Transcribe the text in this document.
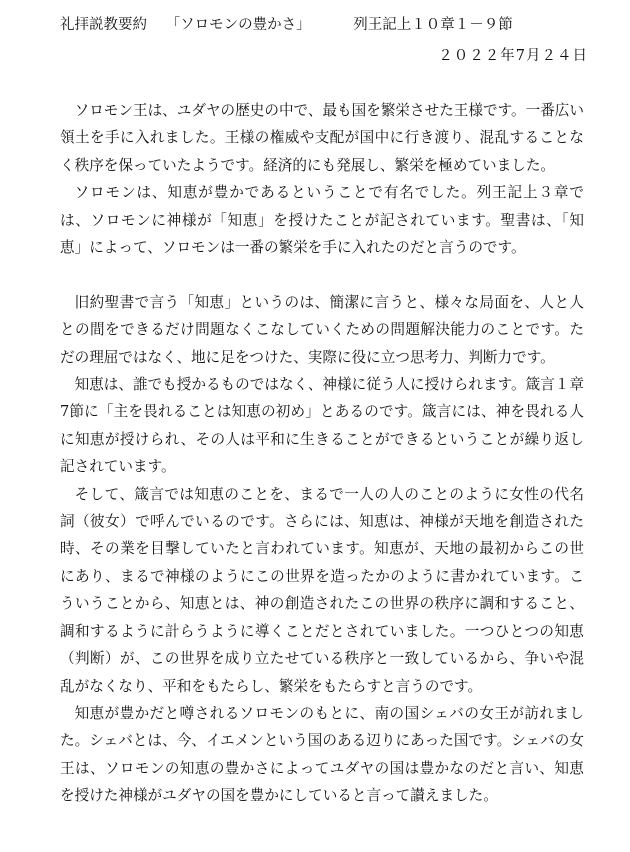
礼拝説教要約 「ソロモンの豊かさ」	列王記上１０章１－９節
２０２２年7月２４日

ソロモン王は、ユダヤの歴史の中で、最も国を繁栄させた王様です。一番広い領土を手に入れました。王様の権威や支配が国中に行き渡り、混乱することなく秩序を保っていたようです。経済的にも発展し、繁栄を極めていました。

ソロモンは、知恵が豊かであるということで有名でした。列王記上３章では、ソロモンに神様が「知恵」を授けたことが記されています。聖書は、「知恵」によって、ソロモンは一番の繁栄を手に入れたのだと言うのです。

旧約聖書で言う「知恵」というのは、簡潔に言うと、様々な局面を、人と人との間をできるだけ問題なくこなしていくための問題解決能力のことです。ただの理屈ではなく、地に足をつけた、実際に役に立つ思考力、判断力です。

知恵は、誰でも授かるものではなく、神様に従う人に授けられます。箴言１章7節に「主を畏れることは知恵の初め」とあるのです。箴言には、神を畏れる人に知恵が授けられ、その人は平和に生きることができるということが繰り返し記されています。

そして、箴言では知恵のことを、まるで一人の人のことのように女性の代名詞（彼女）で呼んでいるのです。さらには、知恵は、神様が天地を創造された時、その業を目撃していたと言われています。知恵が、天地の最初からこの世にあり、まるで神様のようにこの世界を造ったかのように書かれています。こういうことから、知恵とは、神の創造されたこの世界の秩序に調和すること、調和するように計らうように導くことだとされていました。一つひとつの知恵（判断）が、この世界を成り立たせている秩序と一致しているから、争いや混乱がなくなり、平和をもたらし、繁栄をもたらすと言うのです。

知恵が豊かだと噂されるソロモンのもとに、南の国シェバの女王が訪れました。シェバとは、今、イエメンという国のある辺りにあった国です。シェバの女王は、ソロモンの知恵の豊かさによってユダヤの国は豊かなのだと言い、知恵を授けた神様がユダヤの国を豊かにしていると言って讃えました。
